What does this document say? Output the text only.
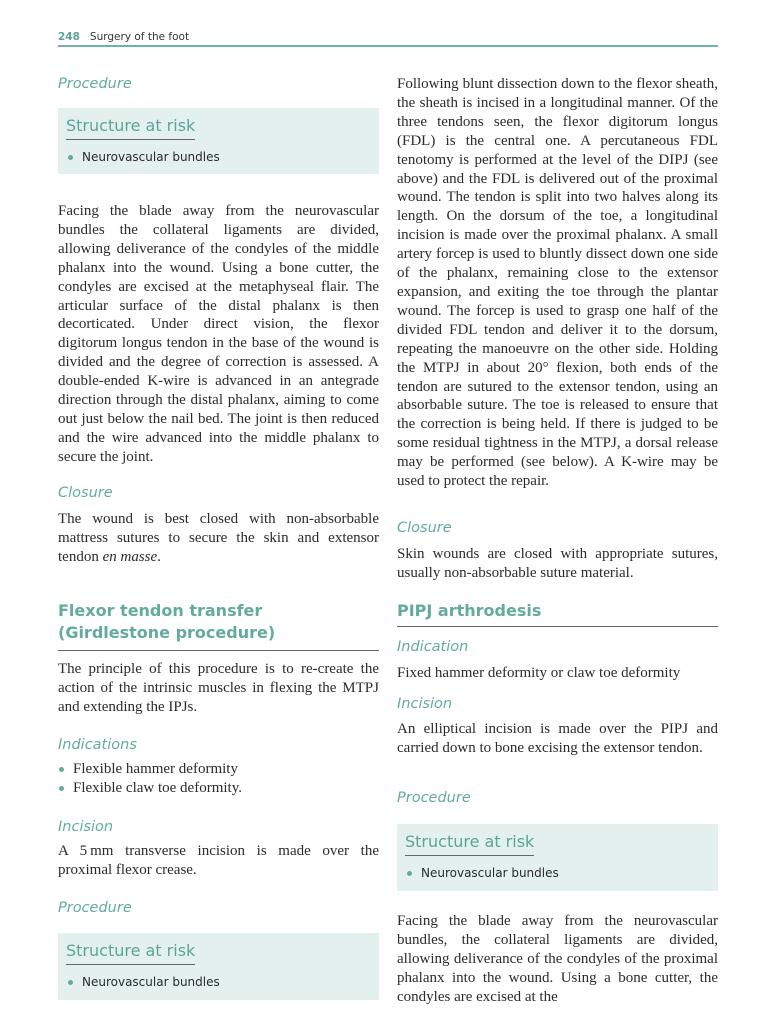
248 Surgery of the foot
Procedure
Structure at risk
Neurovascular bundles

Facing the blade away from the neurovascular bundles the collateral ligaments are divided, allowing deliverance of the condyles of the middle phalanx into the wound. Using a bone cutter, the condyles are excised at the metaphyseal flair. The articular surface of the distal phalanx is then decorticated. Under direct vision, the flexor digitorum longus tendon in the base of the wound is divided and the degree of correction is assessed. A double-ended K-wire is advanced in an antegrade direction through the distal phalanx, aiming to come out just below the nail bed. The joint is then reduced and the wire advanced into the middle phalanx to secure the joint.

Closure

The wound is best closed with non-absorbable mattress sutures to secure the skin and extensor tendon en masse.

Flexor tendon transfer (Girdlestone procedure)

The principle of this procedure is to re-create the action of the intrinsic muscles in flexing the MTPJ and extending the IPJs.

Indications
Flexible hammer deformity
Flexible claw toe deformity.
Incision

A 5 mm transverse incision is made over the proximal flexor crease.

Procedure
Structure at risk
Neurovascular bundles

Following blunt dissection down to the flexor sheath, the sheath is incised in a longitudinal manner. Of the three tendons seen, the flexor digitorum longus (FDL) is the central one. A percutaneous FDL tenotomy is performed at the level of the DIPJ (see above) and the FDL is delivered out of the proximal wound. The tendon is split into two halves along its length. On the dorsum of the toe, a longitudinal incision is made over the proximal phalanx. A small artery forcep is used to bluntly dissect down one side of the phalanx, remaining close to the extensor expansion, and exiting the toe through the plantar wound. The forcep is used to grasp one half of the divided FDL tendon and deliver it to the dorsum, repeating the manoeuvre on the other side. Holding the MTPJ in about 20° flexion, both ends of the tendon are sutured to the extensor tendon, using an absorbable suture. The toe is released to ensure that the correction is being held. If there is judged to be some residual tightness in the MTPJ, a dorsal release may be performed (see below). A K-wire may be used to protect the repair.

Closure

Skin wounds are closed with appropriate sutures, usually non-absorbable suture material.

PIPJ arthrodesis
Indication

Fixed hammer deformity or claw toe deformity

Incision

An elliptical incision is made over the PIPJ and carried down to bone excising the extensor tendon.

Procedure
Structure at risk
Neurovascular bundles

Facing the blade away from the neurovascular bundles, the collateral ligaments are divided, allowing deliverance of the condyles of the proximal phalanx into the wound. Using a bone cutter, the condyles are excised at the
